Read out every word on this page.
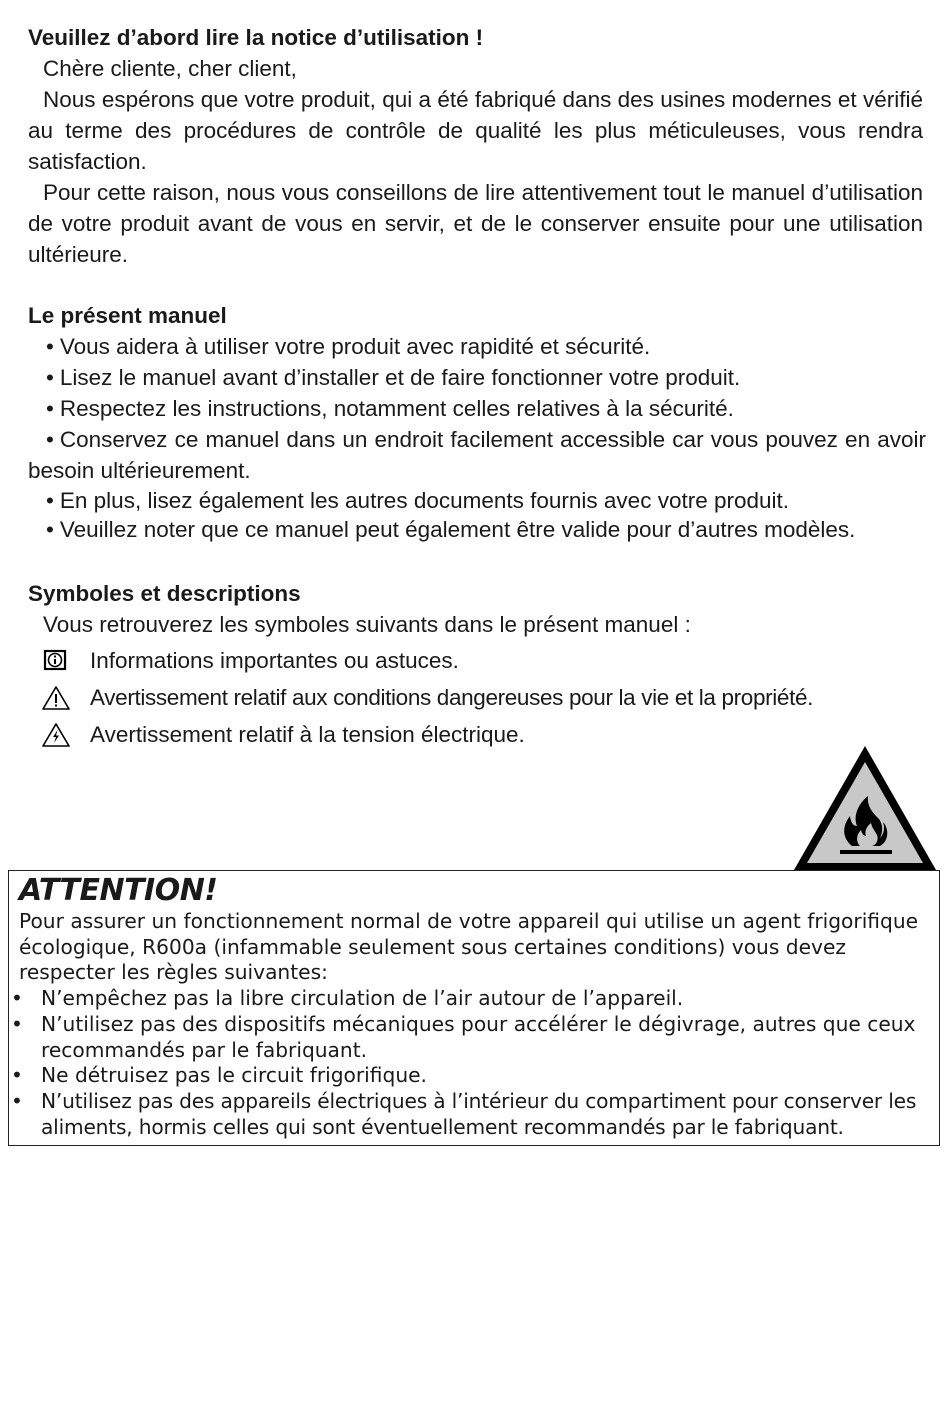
Veuillez d’abord lire la notice d’utilisation !

Chère cliente, cher client,

Nous espérons que votre produit, qui a été fabriqué dans des usines modernes et vérifié au terme des procédures de contrôle de qualité les plus méticuleuses, vous rendra satisfaction.

Pour cette raison, nous vous conseillons de lire attentivement tout le manuel d’utilisation de votre produit avant de vous en servir, et de le conserver ensuite pour une utilisation ultérieure.

Le présent manuel

• Vous aidera à utiliser votre produit avec rapidité et sécurité.

• Lisez le manuel avant d’installer et de faire fonctionner votre produit.

• Respectez les instructions, notamment celles relatives à la sécurité.

• Conservez ce manuel dans un endroit facilement accessible car vous pouvez en avoir besoin ultérieurement.

• En plus, lisez également les autres documents fournis avec votre produit.

• Veuillez noter que ce manuel peut également être valide pour d’autres modèles.

Symboles et descriptions

Vous retrouverez les symboles suivants dans le présent manuel :

Informations importantes ou astuces.
Avertissement relatif aux conditions dangereuses pour la vie et la propriété.
Avertissement relatif à la tension électrique.

ATTENTION!

Pour assurer un fonctionnement normal de votre appareil qui utilise un agent frigorifique écologique, R600a (infammable seulement sous certaines conditions) vous devez respecter les règles suivantes:

• N’empêchez pas la libre circulation de l’air autour de l’appareil.
• N’utilisez pas des dispositifs mécaniques pour accélérer le dégivrage, autres que ceux recommandés par le fabriquant.
• Ne détruisez pas le circuit frigorifique.
• N’utilisez pas des appareils électriques à l’intérieur du compartiment pour conserver les aliments, hormis celles qui sont éventuellement recommandés par le fabriquant.
